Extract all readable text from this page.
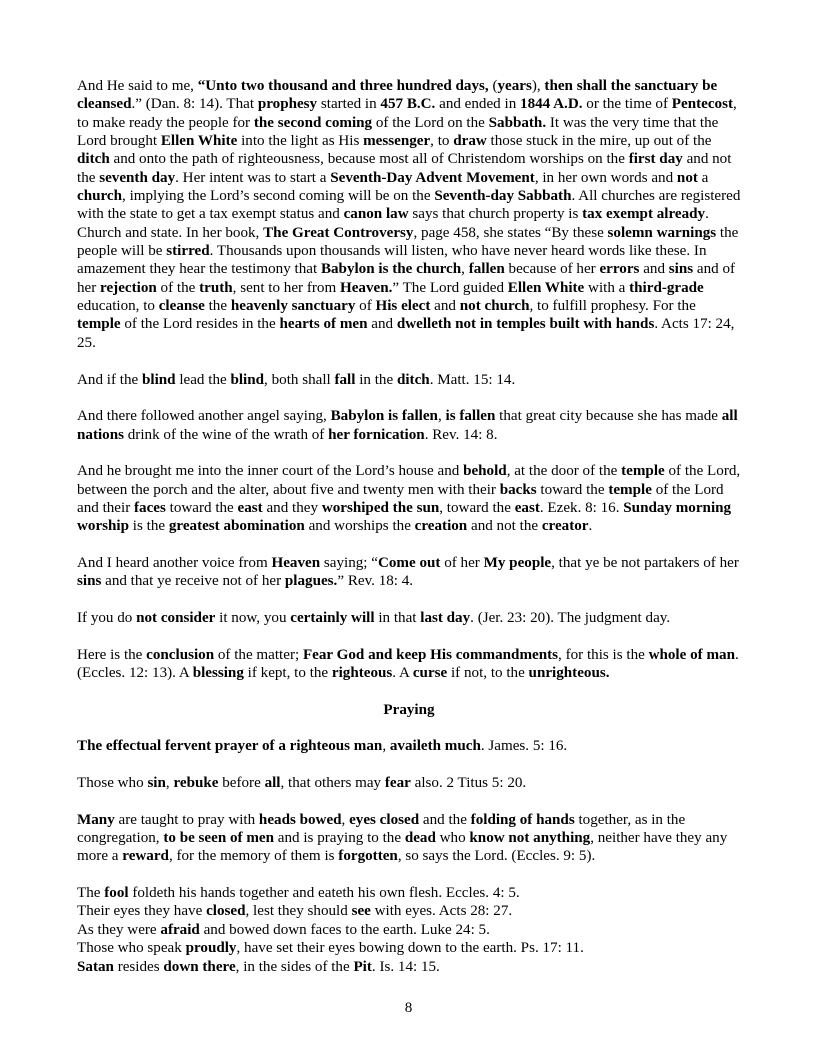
And He said to me, “Unto two thousand and three hundred days, (years), then shall the sanctuary be cleansed.” (Dan. 8: 14). That prophesy started in 457 B.C. and ended in 1844 A.D. or the time of Pentecost, to make ready the people for the second coming of the Lord on the Sabbath. It was the very time that the Lord brought Ellen White into the light as His messenger, to draw those stuck in the mire, up out of the ditch and onto the path of righteousness, because most all of Christendom worships on the first day and not the seventh day. Her intent was to start a Seventh-Day Advent Movement, in her own words and not a church, implying the Lord’s second coming will be on the Seventh-day Sabbath. All churches are registered with the state to get a tax exempt status and canon law says that church property is tax exempt already. Church and state. In her book, The Great Controversy, page 458, she states “By these solemn warnings the people will be stirred. Thousands upon thousands will listen, who have never heard words like these. In amazement they hear the testimony that Babylon is the church, fallen because of her errors and sins and of her rejection of the truth, sent to her from Heaven.” The Lord guided Ellen White with a third-grade education, to cleanse the heavenly sanctuary of His elect and not church, to fulfill prophesy. For the temple of the Lord resides in the hearts of men and dwelleth not in temples built with hands. Acts 17: 24, 25.

And if the blind lead the blind, both shall fall in the ditch. Matt. 15: 14.

And there followed another angel saying, Babylon is fallen, is fallen that great city because she has made all nations drink of the wine of the wrath of her fornication. Rev. 14: 8.

And he brought me into the inner court of the Lord’s house and behold, at the door of the temple of the Lord, between the porch and the alter, about five and twenty men with their backs toward the temple of the Lord and their faces toward the east and they worshiped the sun, toward the east. Ezek. 8: 16. Sunday morning worship is the greatest abomination and worships the creation and not the creator.

And I heard another voice from Heaven saying; “Come out of her My people, that ye be not partakers of her sins and that ye receive not of her plagues.” Rev. 18: 4.

If you do not consider it now, you certainly will in that last day. (Jer. 23: 20). The judgment day.

Here is the conclusion of the matter; Fear God and keep His commandments, for this is the whole of man. (Eccles. 12: 13). A blessing if kept, to the righteous. A curse if not, to the unrighteous.

Praying

The effectual fervent prayer of a righteous man, availeth much. James. 5: 16.

Those who sin, rebuke before all, that others may fear also. 2 Titus 5: 20.

Many are taught to pray with heads bowed, eyes closed and the folding of hands together, as in the congregation, to be seen of men and is praying to the dead who know not anything, neither have they any more a reward, for the memory of them is forgotten, so says the Lord. (Eccles. 9: 5).

The fool foldeth his hands together and eateth his own flesh. Eccles. 4: 5.

Their eyes they have closed, lest they should see with eyes. Acts 28: 27.

As they were afraid and bowed down faces to the earth. Luke 24: 5.

Those who speak proudly, have set their eyes bowing down to the earth. Ps. 17: 11.

Satan resides down there, in the sides of the Pit. Is. 14: 15.

8
